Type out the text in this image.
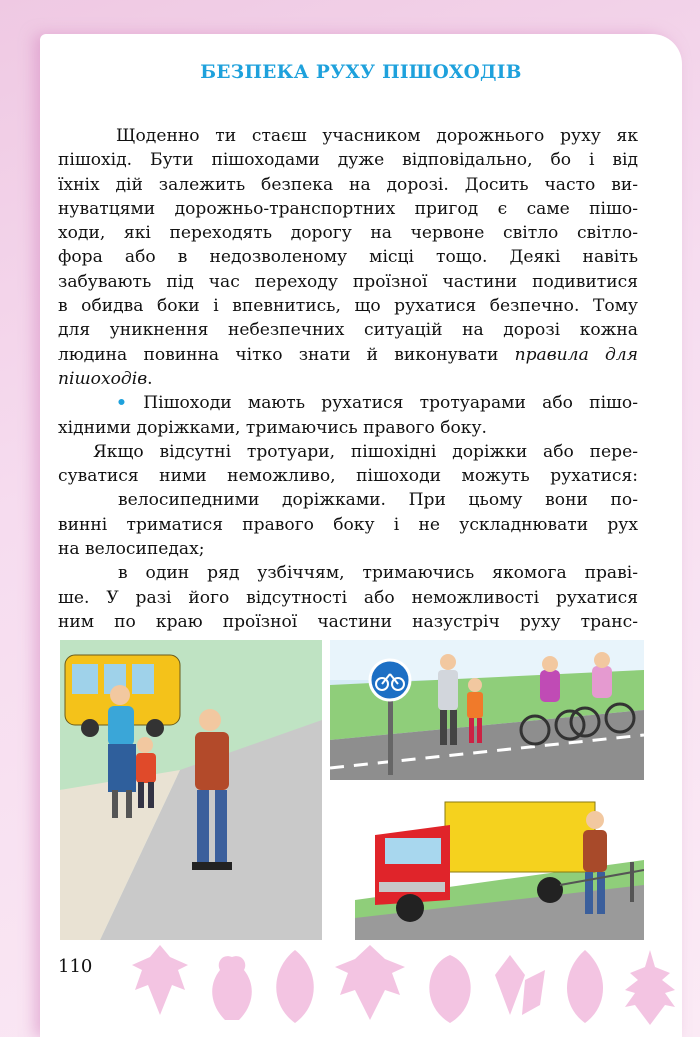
БЕЗПЕКА РУХУ ПІШОХОДІВ
Щоденно ти стаєш учасником дорожнього руху як
пішохід. Бути пішоходами дуже відповідально, бо і від
їхніх дій залежить безпека на дорозі. Досить часто ви-
нуватцями дорожньо-транспортних пригод є саме пішо-
ходи, які переходять дорогу на червоне світло світло-
фора або в недозволеному місці тощо. Деякі навіть
забувають під час переходу проїзної частини подивитися
в обидва боки і впевнитись, що рухатися безпечно. Тому
для уникнення небезпечних ситуацій на дорозі кожна
людина повинна чітко знати й виконувати правила для
пішоходів.
• Пішоходи мають рухатися тротуарами або пішо-
хідними доріжками, тримаючись правого боку.
Якщо відсутні тротуари, пішохідні доріжки або пере-
суватися ними неможливо, пішоходи можуть рухатися:
велосипедними доріжками. При цьому вони по-
винні триматися правого боку і не ускладнювати рух
на велосипедах;
в один ряд узбіччям, тримаючись якомога праві-
ше. У разі його відсутності або неможливості рухатися
ним по краю проїзної частини назустріч руху транс-
110
